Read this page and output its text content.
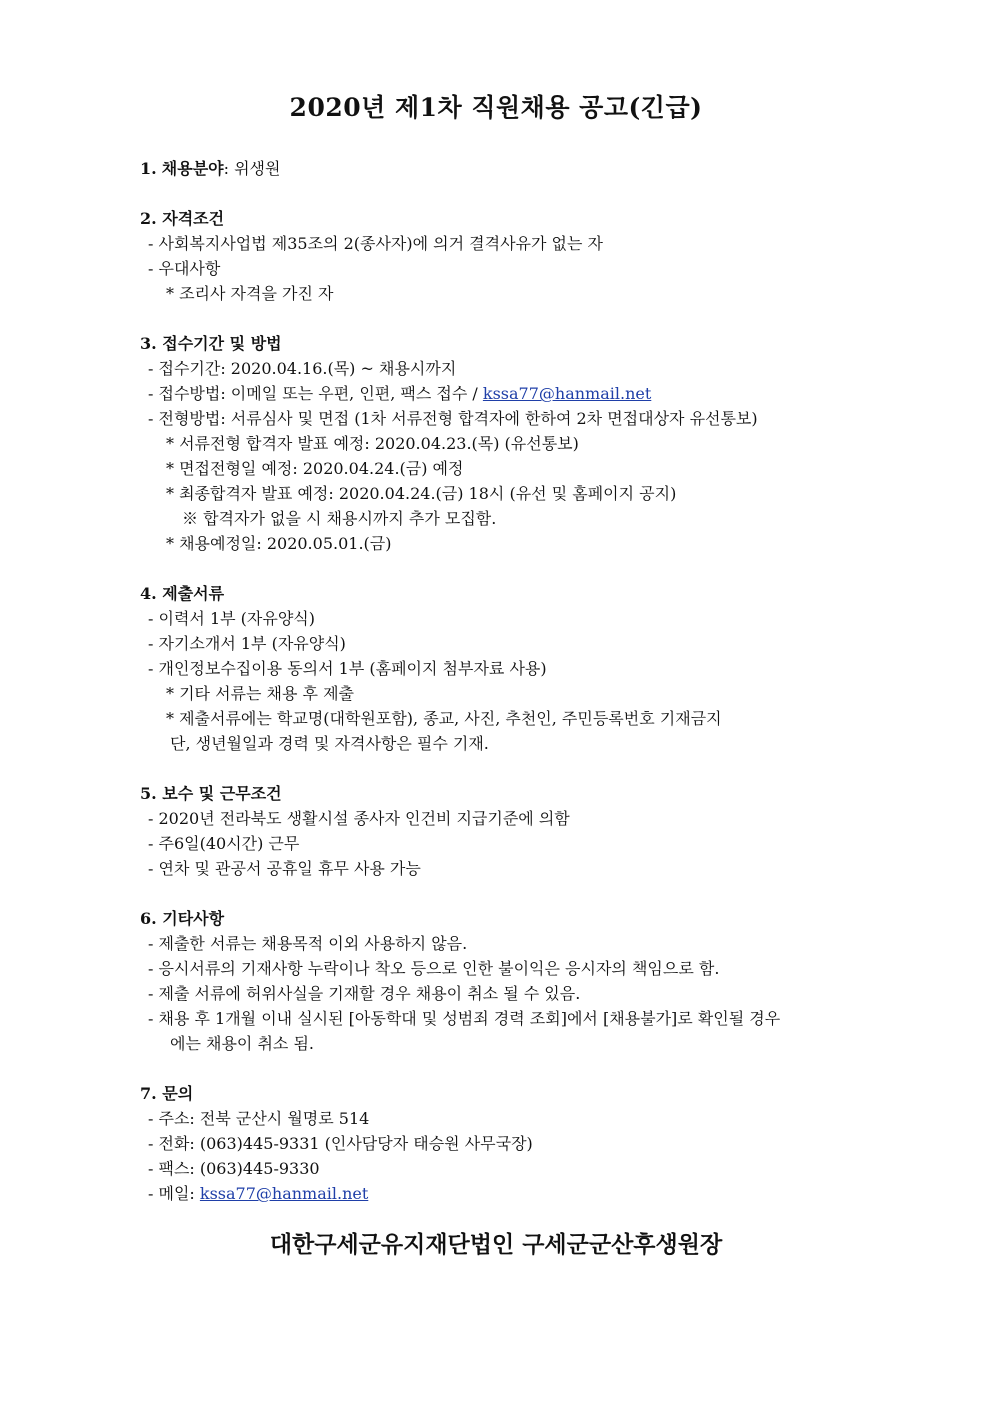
2020년 제1차 직원채용 공고(긴급)
1. 채용분야: 위생원
2. 자격조건
- 사회복지사업법 제35조의 2(종사자)에 의거 결격사유가 없는 자
- 우대사항
* 조리사 자격을 가진 자
3. 접수기간 및 방법
- 접수기간: 2020.04.16.(목) ~ 채용시까지
- 접수방법: 이메일 또는 우편, 인편, 팩스 접수 / kssa77@hanmail.net
- 전형방법: 서류심사 및 면접 (1차 서류전형 합격자에 한하여 2차 면접대상자 유선통보)
* 서류전형 합격자 발표 예정: 2020.04.23.(목) (유선통보)
* 면접전형일 예정: 2020.04.24.(금) 예정
* 최종합격자 발표 예정: 2020.04.24.(금) 18시 (유선 및 홈페이지 공지)
※ 합격자가 없을 시 채용시까지 추가 모집함.
* 채용예정일: 2020.05.01.(금)
4. 제출서류
- 이력서 1부 (자유양식)
- 자기소개서 1부 (자유양식)
- 개인정보수집이용 동의서 1부 (홈페이지 첨부자료 사용)
* 기타 서류는 채용 후 제출
* 제출서류에는 학교명(대학원포함), 종교, 사진, 추천인, 주민등록번호 기재금지
단, 생년월일과 경력 및 자격사항은 필수 기재.
5. 보수 및 근무조건
- 2020년 전라북도 생활시설 종사자 인건비 지급기준에 의함
- 주6일(40시간) 근무
- 연차 및 관공서 공휴일 휴무 사용 가능
6. 기타사항
- 제출한 서류는 채용목적 이외 사용하지 않음.
- 응시서류의 기재사항 누락이나 착오 등으로 인한 불이익은 응시자의 책임으로 함.
- 제출 서류에 허위사실을 기재할 경우 채용이 취소 될 수 있음.
- 채용 후 1개월 이내 실시된 [아동학대 및 성범죄 경력 조회]에서 [채용불가]로 확인될 경우
에는 채용이 취소 됨.
7. 문의
- 주소: 전북 군산시 월명로 514
- 전화: (063)445-9331 (인사담당자 태승원 사무국장)
- 팩스: (063)445-9330
- 메일: kssa77@hanmail.net
대한구세군유지재단법인 구세군군산후생원장
